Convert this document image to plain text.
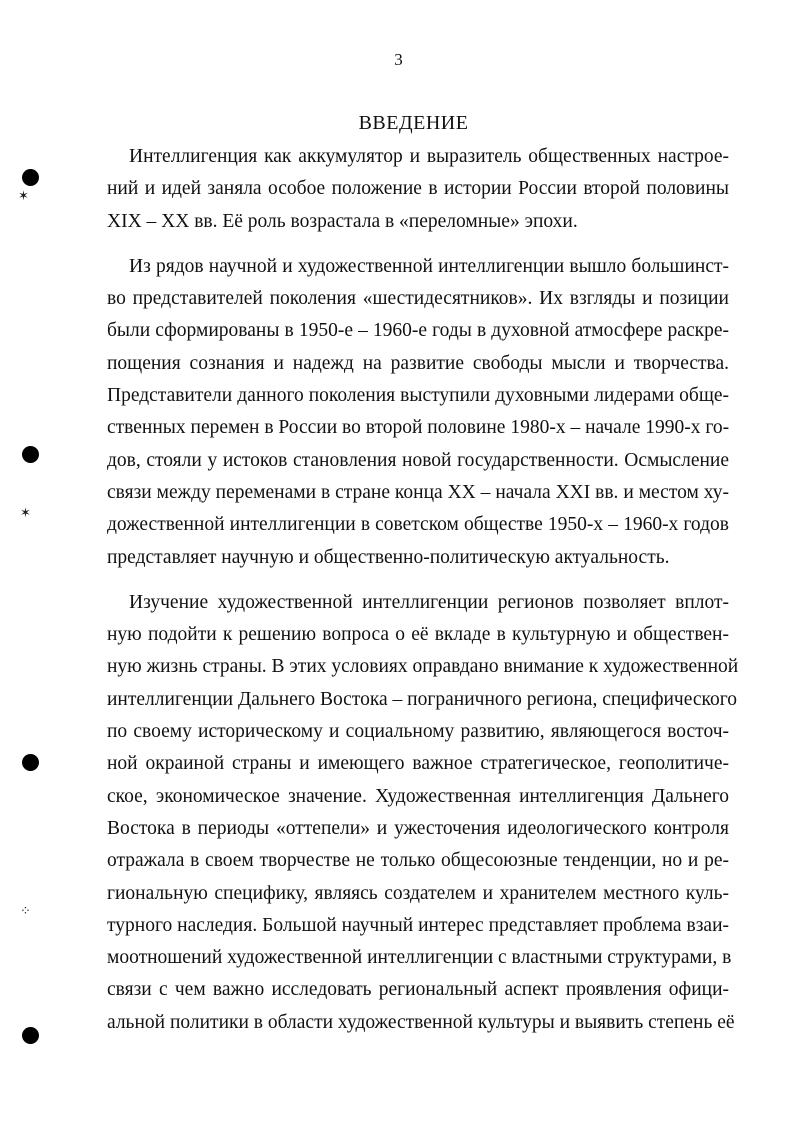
3
ВВЕДЕНИЕ
✶
✶
⁘
Интеллигенция как аккумулятор и выразитель общественных настрое-
ний и идей заняла особое положение в истории России второй половины
XIX – XX вв. Её роль возрастала в «переломные» эпохи.
Из рядов научной и художественной интеллигенции вышло большинст-
во представителей поколения «шестидесятников». Их взгляды и позиции
были сформированы в 1950-е – 1960-е годы в духовной атмосфере раскре-
пощения сознания и надежд на развитие свободы мысли и творчества.
Представители данного поколения выступили духовными лидерами обще-
ственных перемен в России во второй половине 1980-х – начале 1990-х го-
дов, стояли у истоков становления новой государственности. Осмысление
связи между переменами в стране конца XX – начала XXI вв. и местом ху-
дожественной интеллигенции в советском обществе 1950-х – 1960-х годов
представляет научную и общественно-политическую актуальность.
Изучение художественной интеллигенции регионов позволяет вплот-
ную подойти к решению вопроса о её вкладе в культурную и обществен-
ную жизнь страны. В этих условиях оправдано внимание к художественной
интеллигенции Дальнего Востока – пограничного региона, специфического
по своему историческому и социальному развитию, являющегося восточ-
ной окраиной страны и имеющего важное стратегическое, геополитиче-
ское, экономическое значение. Художественная интеллигенция Дальнего
Востока в периоды «оттепели» и ужесточения идеологического контроля
отражала в своем творчестве не только общесоюзные тенденции, но и ре-
гиональную специфику, являясь создателем и хранителем местного куль-
турного наследия. Большой научный интерес представляет проблема взаи-
моотношений художественной интеллигенции с властными структурами, в
связи с чем важно исследовать региональный аспект проявления офици-
альной политики в области художественной культуры и выявить степень её
